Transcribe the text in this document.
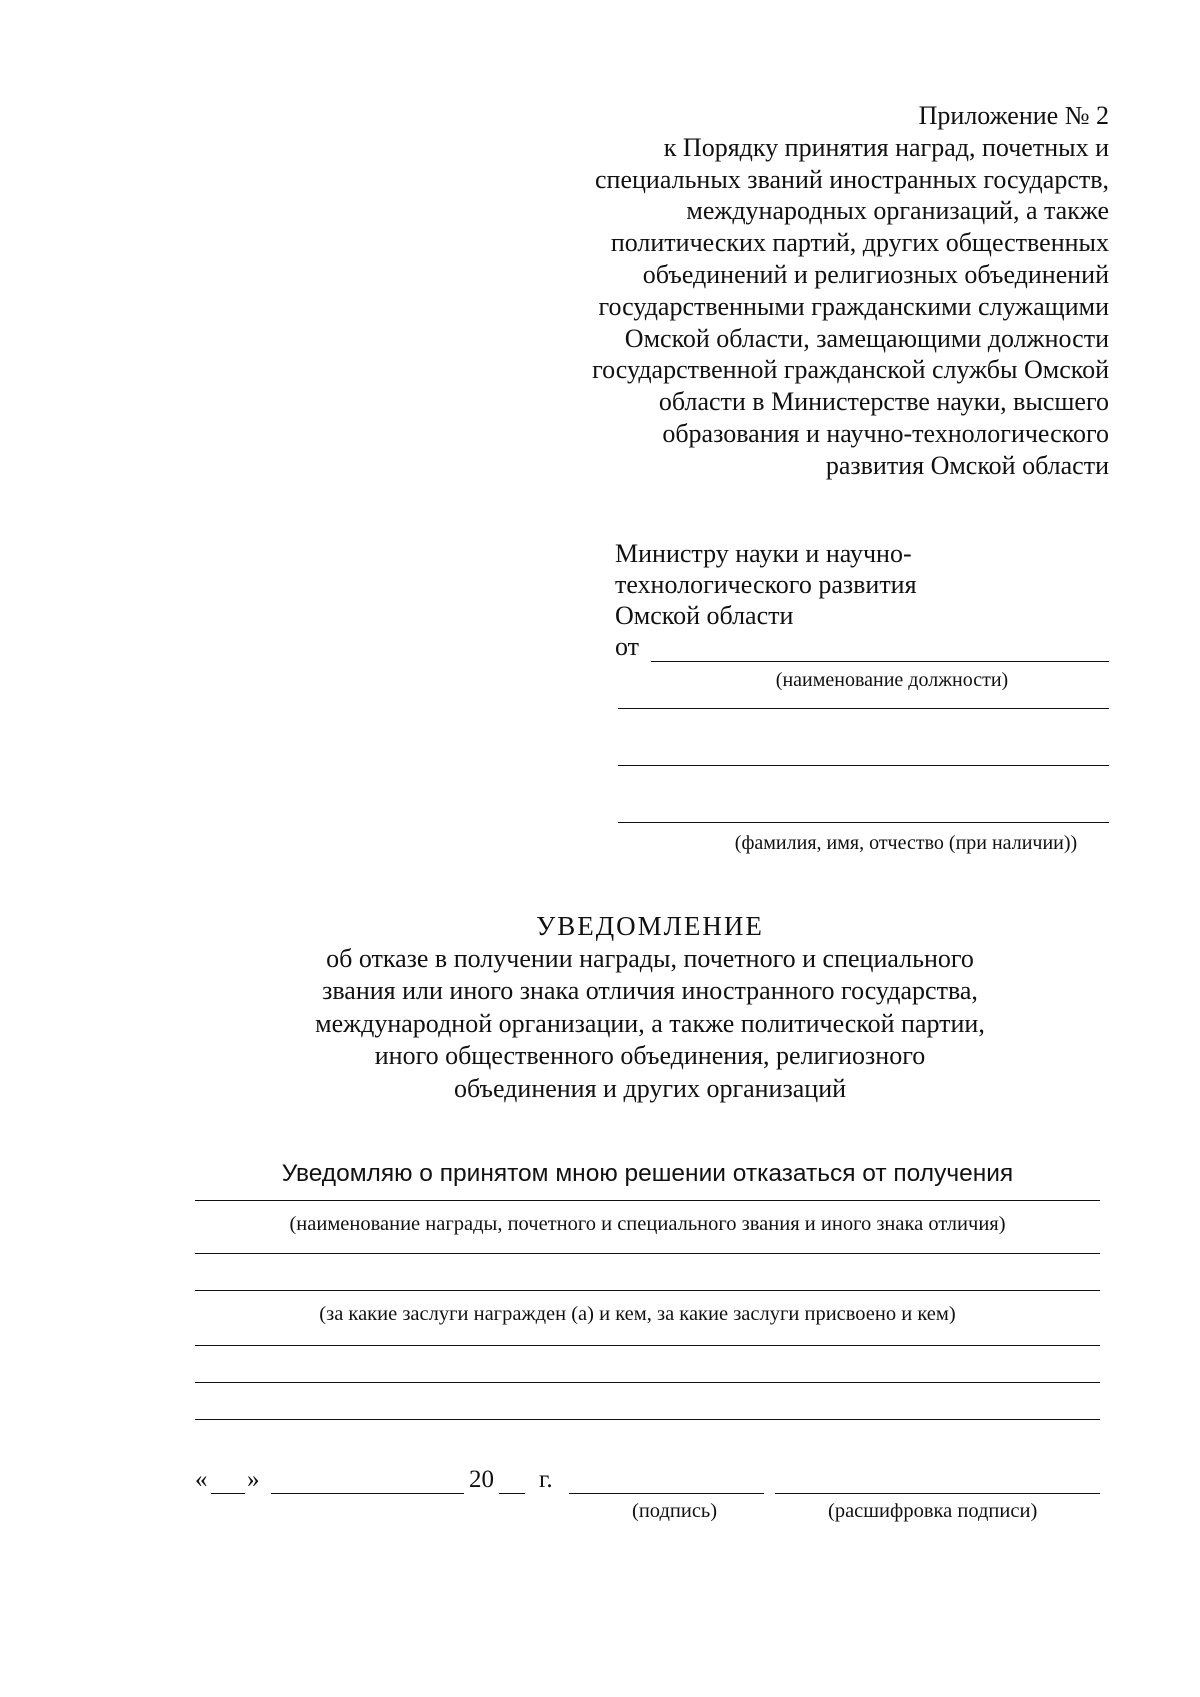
Приложение № 2
к Порядку принятия наград, почетных и
специальных званий иностранных государств,
международных организаций, а также
политических партий, других общественных
объединений и религиозных объединений
государственными гражданскими служащими
Омской области, замещающими должности
государственной гражданской службы Омской
области в Министерстве науки, высшего
образования и научно-технологического
развития Омской области
Министру науки и научно-
технологического развития
Омской области
от
(наименование должности)
(фамилия, имя, отчество (при наличии))
УВЕДОМЛЕНИЕ
об отказе в получении награды, почетного и специального
звания или иного знака отличия иностранного государства,
международной организации, а также политической партии,
иного общественного объединения, религиозного
объединения и других организаций
Уведомляю о принятом мною решении отказаться от получения
(наименование награды, почетного и специального звания и иного знака отличия)
(за какие заслуги награжден (а) и кем, за какие заслуги присвоено и кем)
« »	20 г.
(подпись)	(расшифровка подписи)
